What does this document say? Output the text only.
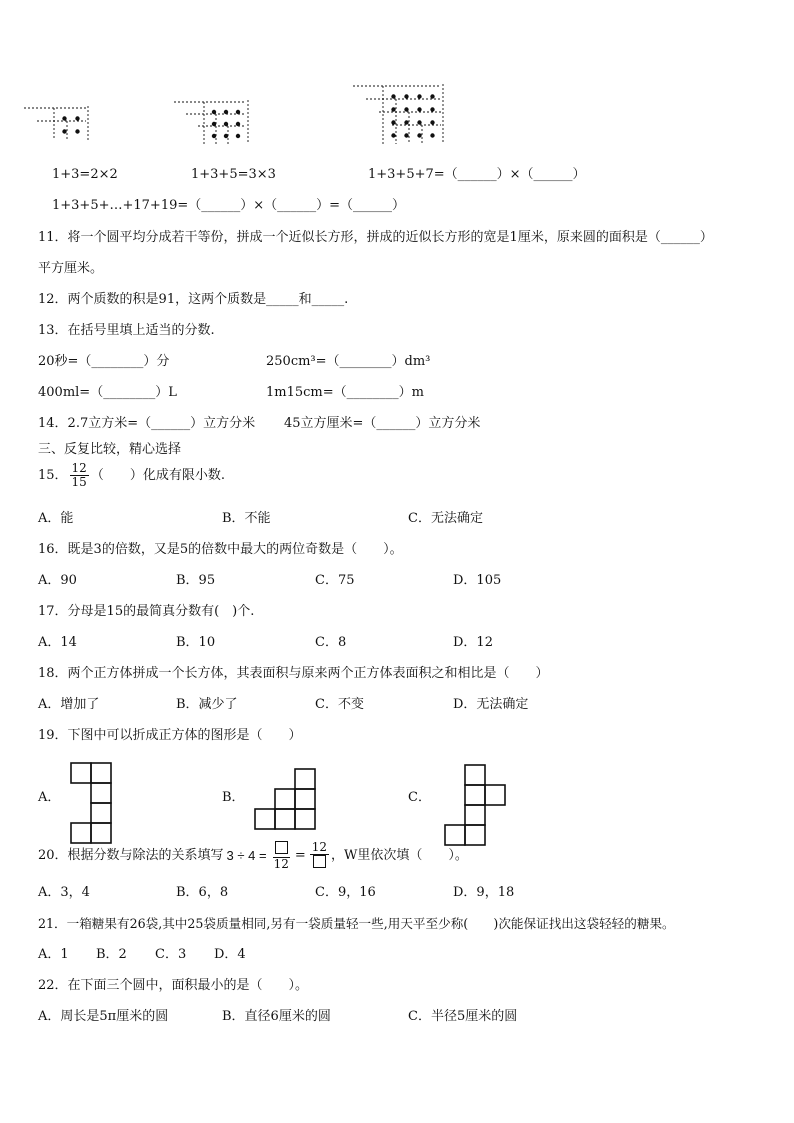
1+3=2×2	1+3+5=3×3	1+3+5+7=（______）×（______）
1+3+5+…+17+19=（______）×（______）=（______）
11．将一个圆平均分成若干等份，拼成一个近似长方形，拼成的近似长方形的宽是1厘米，原来圆的面积是（______）
平方厘米。
12．两个质数的积是91，这两个质数是_____和_____.
13．在括号里填上适当的分数.
20秒=（________）分	250cm³=（________）dm³
400ml=（________）L	1m15cm=（________）m
14．2.7立方米=（______）立方分米 45立方厘米=（______）立方分米
三、反复比较，精心选择
15． $\frac{12}{15}$ （　　）化成有限小数.
A．能	B．不能	C．无法确定
16．既是3的倍数，又是5的倍数中最大的两位奇数是（　　）。
A．90	B．95	C．75	D．105
17．分母是15的最简真分数有(　)个.
A．14	B．10	C．8	D．12
18．两个正方体拼成一个长方体，其表面积与原来两个正方体表面积之和相比是（　　）
A．增加了	B．减少了	C．不变	D．无法确定
19．下图中可以折成正方体的图形是（　　）
A．	B．	C．
20．根据分数与除法的关系填写 3 ÷ 4 =
12
=
12
，W里依次填（　　）。
A．3，4	B．6，8	C．9，16	D．9，18
21．一箱糖果有26袋,其中25袋质量相同,另有一袋质量轻一些,用天平至少称(　　)次能保证找出这袋轻轻的糖果。
A．1 B．2 C．3 D．4
22．在下面三个圆中，面积最小的是（　　）。
A．周长是5π厘米的圆	B．直径6厘米的圆	C．半径5厘米的圆
